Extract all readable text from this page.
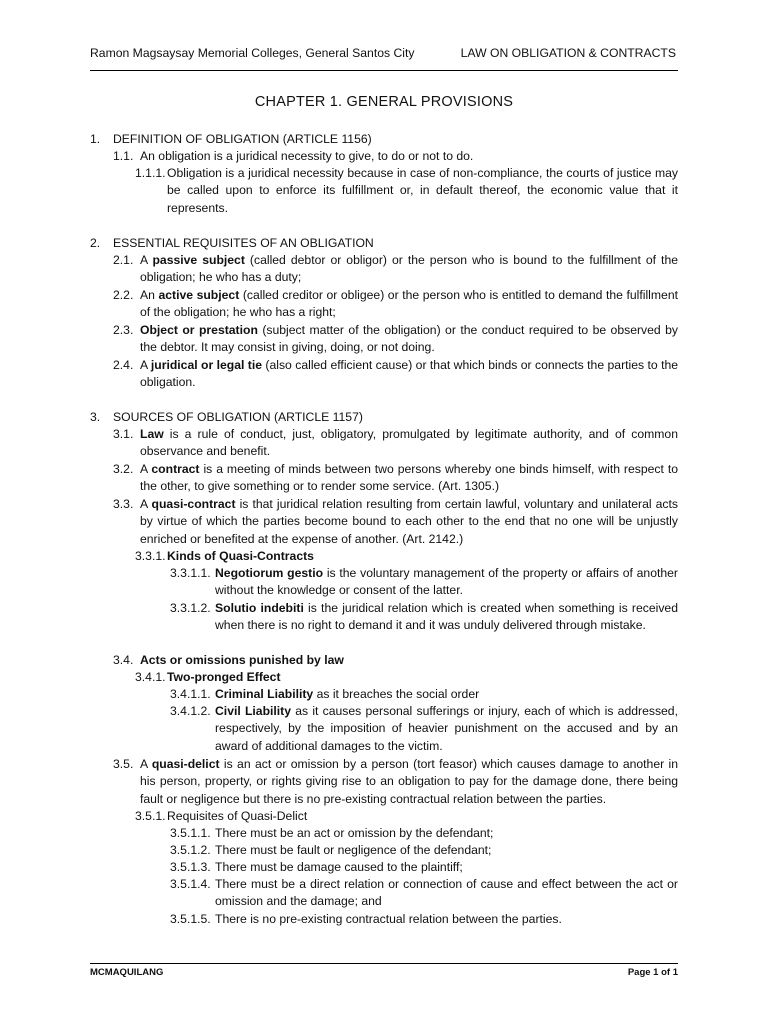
Ramon Magsaysay Memorial Colleges, General Santos City	LAW ON OBLIGATION & CONTRACTS
CHAPTER 1. GENERAL PROVISIONS
1. DEFINITION OF OBLIGATION (ARTICLE 1156)
1.1. An obligation is a juridical necessity to give, to do or not to do.
1.1.1. Obligation is a juridical necessity because in case of non-compliance, the courts of justice may be called upon to enforce its fulfillment or, in default thereof, the economic value that it represents.
2. ESSENTIAL REQUISITES OF AN OBLIGATION
2.1. A passive subject (called debtor or obligor) or the person who is bound to the fulfillment of the obligation; he who has a duty;
2.2. An active subject (called creditor or obligee) or the person who is entitled to demand the fulfillment of the obligation; he who has a right;
2.3. Object or prestation (subject matter of the obligation) or the conduct required to be observed by the debtor. It may consist in giving, doing, or not doing.
2.4. A juridical or legal tie (also called efficient cause) or that which binds or connects the parties to the obligation.
3. SOURCES OF OBLIGATION (ARTICLE 1157)
3.1. Law is a rule of conduct, just, obligatory, promulgated by legitimate authority, and of common observance and benefit.
3.2. A contract is a meeting of minds between two persons whereby one binds himself, with respect to the other, to give something or to render some service. (Art. 1305.)
3.3. A quasi-contract is that juridical relation resulting from certain lawful, voluntary and unilateral acts by virtue of which the parties become bound to each other to the end that no one will be unjustly enriched or benefited at the expense of another. (Art. 2142.)
3.3.1. Kinds of Quasi-Contracts
3.3.1.1. Negotiorum gestio is the voluntary management of the property or affairs of another without the knowledge or consent of the latter.
3.3.1.2. Solutio indebiti is the juridical relation which is created when something is received when there is no right to demand it and it was unduly delivered through mistake.
3.4. Acts or omissions punished by law
3.4.1. Two-pronged Effect
3.4.1.1. Criminal Liability as it breaches the social order
3.4.1.2. Civil Liability as it causes personal sufferings or injury, each of which is addressed, respectively, by the imposition of heavier punishment on the accused and by an award of additional damages to the victim.
3.5. A quasi-delict is an act or omission by a person (tort feasor) which causes damage to another in his person, property, or rights giving rise to an obligation to pay for the damage done, there being fault or negligence but there is no pre-existing contractual relation between the parties.
3.5.1. Requisites of Quasi-Delict
3.5.1.1. There must be an act or omission by the defendant;
3.5.1.2. There must be fault or negligence of the defendant;
3.5.1.3. There must be damage caused to the plaintiff;
3.5.1.4. There must be a direct relation or connection of cause and effect between the act or omission and the damage; and
3.5.1.5. There is no pre-existing contractual relation between the parties.
MCMAQUILANG	Page 1 of 1
